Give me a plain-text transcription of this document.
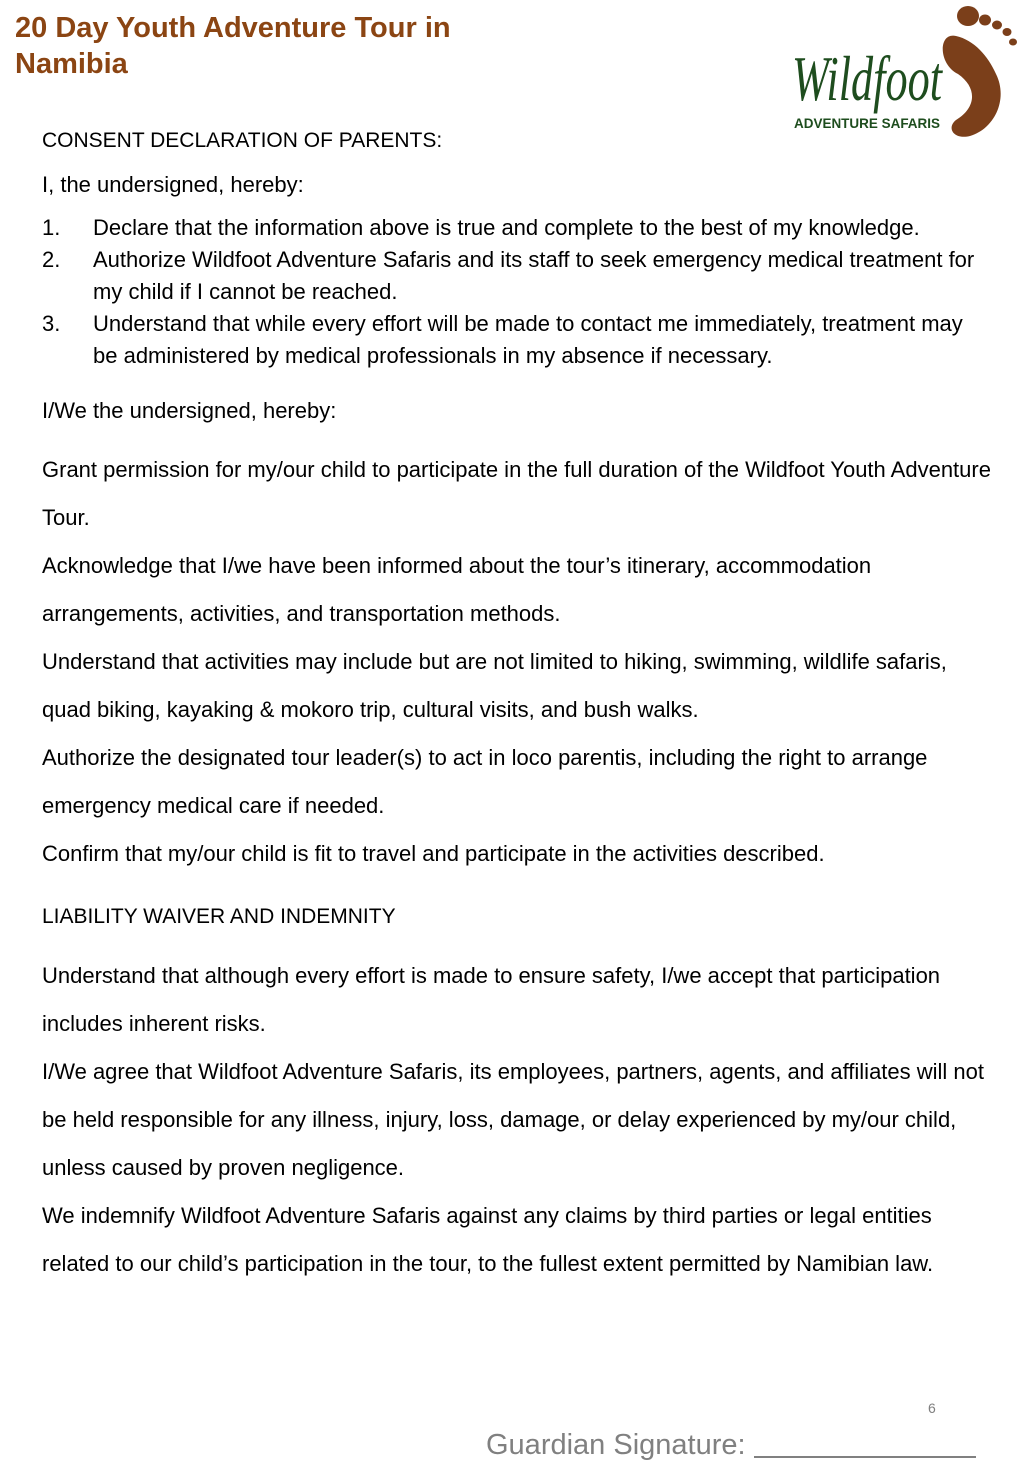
20 Day Youth Adventure Tour in Namibia	Wildfoot
ADVENTURE SAFARIS
CONSENT DECLARATION OF PARENTS:
I, the undersigned, hereby:
1.	Declare that the information above is true and complete to the best of my knowledge.
2.	Authorize Wildfoot Adventure Safaris and its staff to seek emergency medical treatment for my child if I cannot be reached.
3.	Understand that while every effort will be made to contact me immediately, treatment may be administered by medical professionals in my absence if necessary.
I/We the undersigned, hereby:

Grant permission for my/our child to participate in the full duration of the Wildfoot Youth Adventure Tour.

Acknowledge that I/we have been informed about the tour’s itinerary, accommodation arrangements, activities, and transportation methods.

Understand that activities may include but are not limited to hiking, swimming, wildlife safaris, quad biking, kayaking & mokoro trip, cultural visits, and bush walks.

Authorize the designated tour leader(s) to act in loco parentis, including the right to arrange emergency medical care if needed.

Confirm that my/our child is fit to travel and participate in the activities described.

LIABILITY WAIVER AND INDEMNITY

Understand that although every effort is made to ensure safety, I/we accept that participation includes inherent risks.

I/We agree that Wildfoot Adventure Safaris, its employees, partners, agents, and affiliates will not be held responsible for any illness, injury, loss, damage, or delay experienced by my/our child, unless caused by proven negligence.

We indemnify Wildfoot Adventure Safaris against any claims by third parties or legal entities related to our child’s participation in the tour, to the fullest extent permitted by Namibian law.

6
Guardian Signature:
